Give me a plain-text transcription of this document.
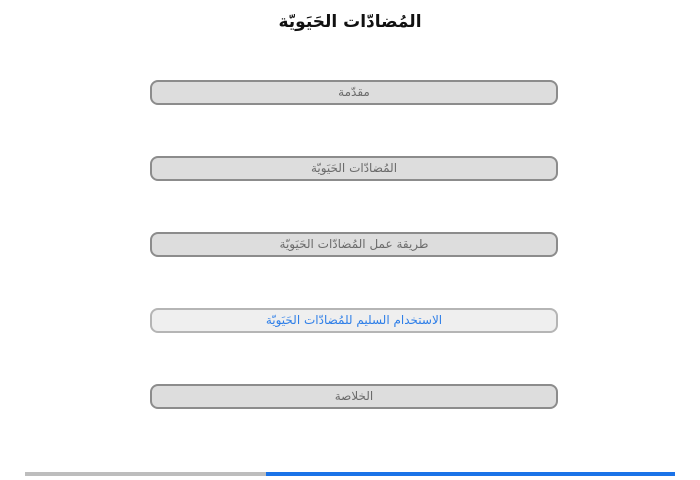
المُضادّات الحَيَويّة
مقدّمة
المُضادّات الحَيَويّة
طريقة عمل المُضادّات الحَيَويّة
الاستخدام السليم للمُضادّات الحَيَويّة
الخلاصة
